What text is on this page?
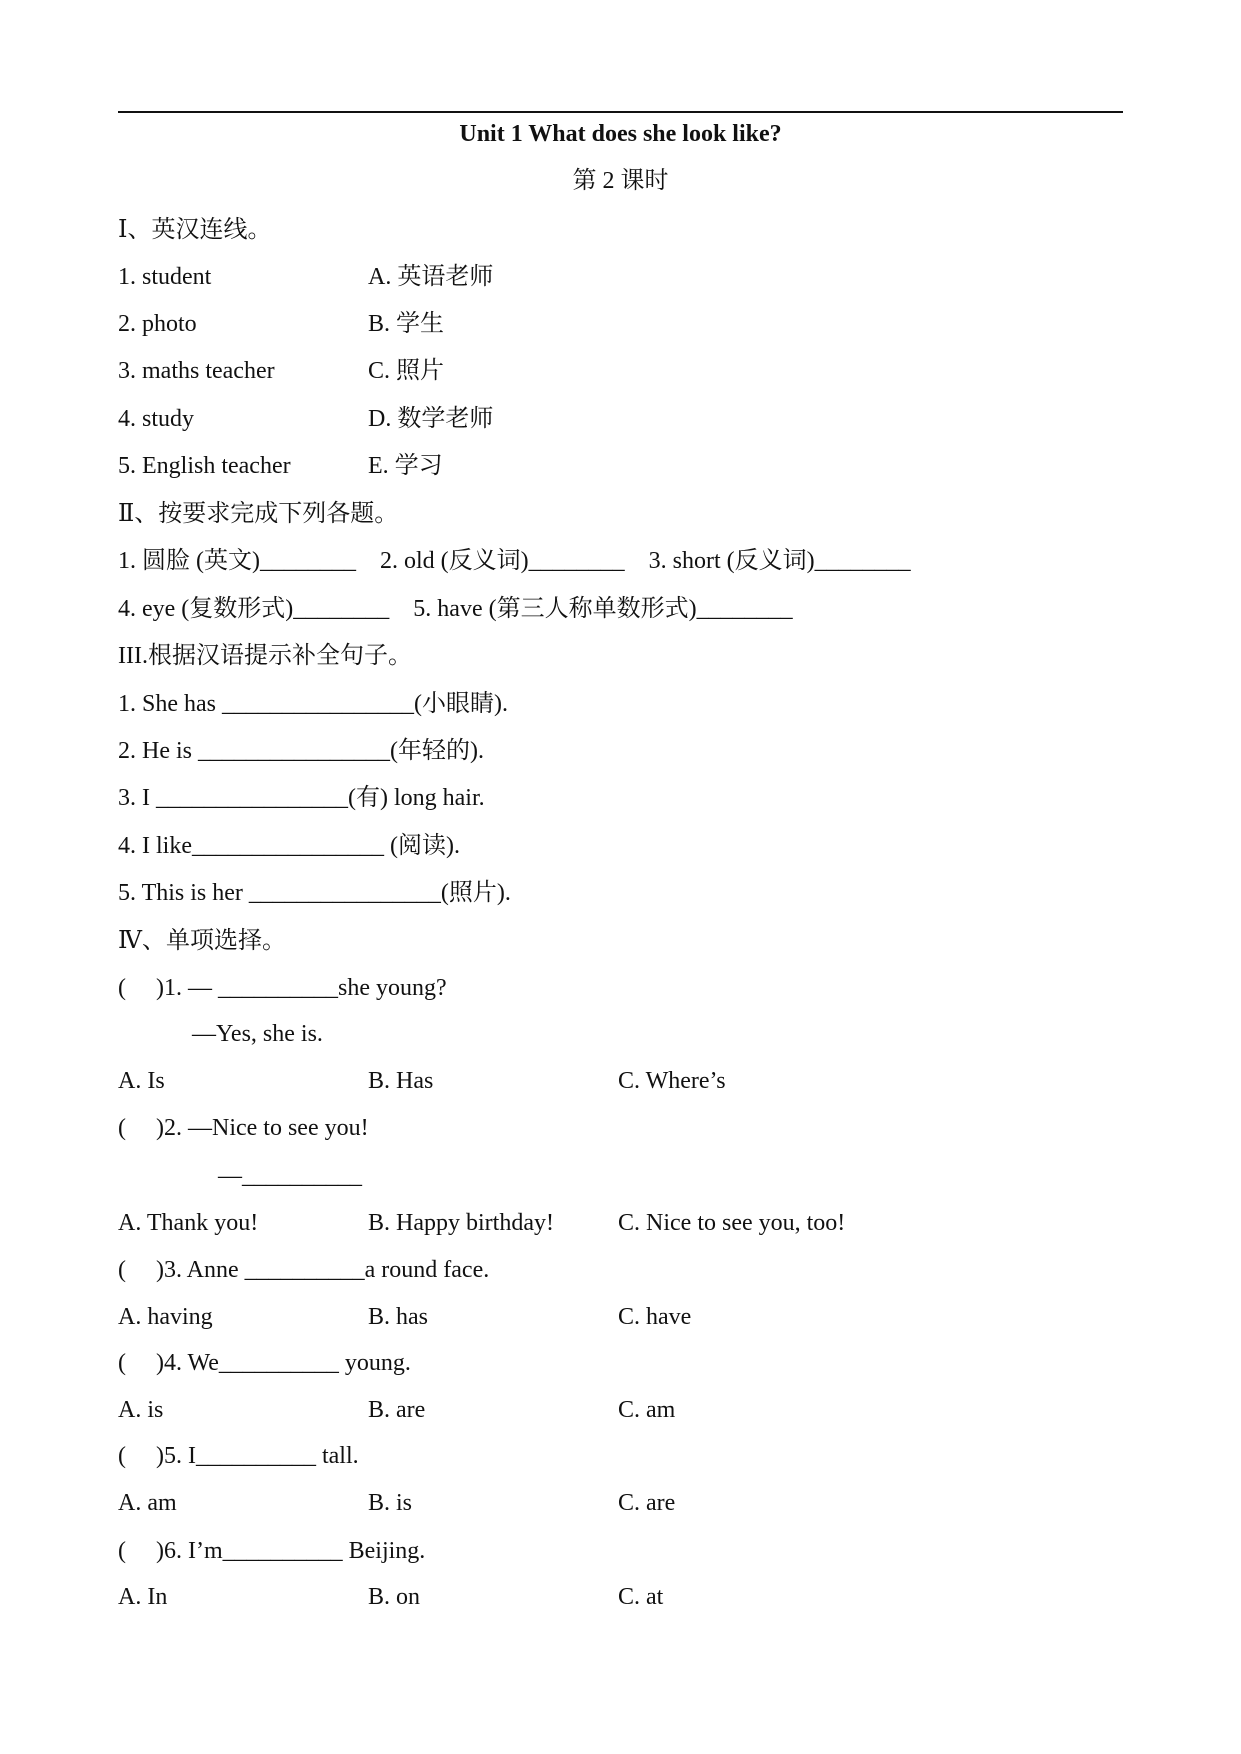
Unit 1 What does she look like?
第 2 课时
Ⅰ、英汉连线。
1. student	A. 英语老师
2. photo	B. 学生
3. maths teacher	C. 照片
4. study	D. 数学老师
5. English teacher	E. 学习
Ⅱ、按要求完成下列各题。
1. 圆脸 (英文)________    2. old (反义词)________    3. short (反义词)________
4. eye (复数形式)________    5. have (第三人称单数形式)________
III.根据汉语提示补全句子。
1. She has ________________(小眼睛).
2. He is ________________(年轻的).
3. I ________________(有) long hair.
4. I like________________ (阅读).
5. This is her ________________(照片).
Ⅳ、单项选择。
(     )1. — __________she young?
—Yes, she is.
A. Is	B. Has	C. Where’s
(     )2. —Nice to see you!
—__________
A. Thank you!	B. Happy birthday!	C. Nice to see you, too!
(     )3. Anne __________a round face.
A. having	B. has	C. have
(     )4. We__________ young.
A. is	B. are	C. am
(     )5. I__________ tall.
A. am	B. is	C. are
(     )6. I’m__________ Beijing.
A. In	B. on	C. at
